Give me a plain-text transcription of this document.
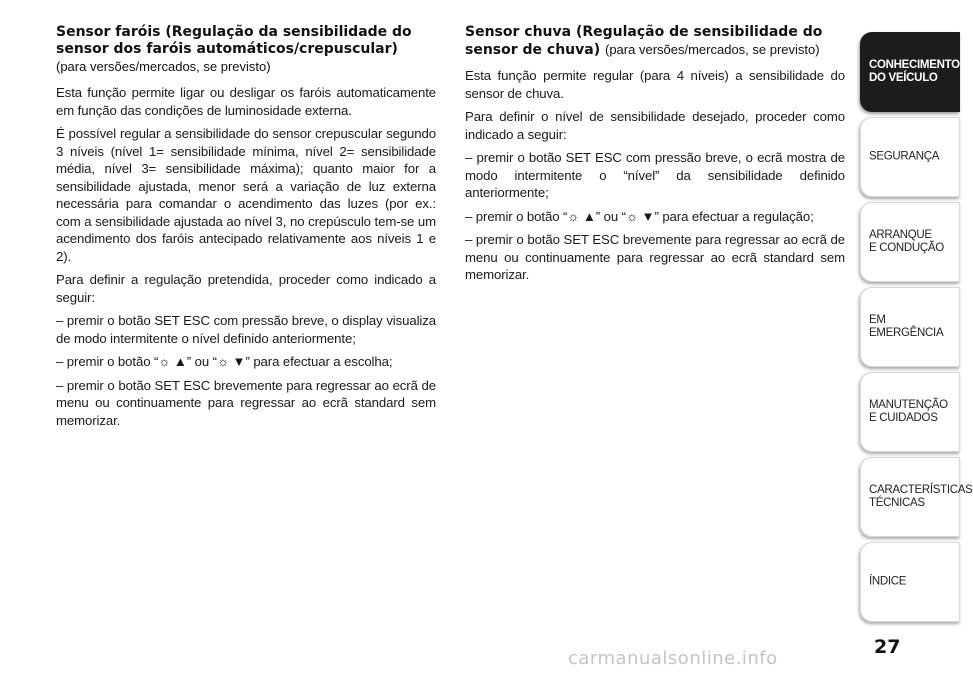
Sensor faróis (Regulação da sensibilidade do sensor dos faróis automáticos/crepuscular)
(para versões/mercados, se previsto)

Esta função permite ligar ou desligar os faróis automaticamente em função das condições de luminosidade externa.

É possível regular a sensibilidade do sensor crepuscular segundo 3 níveis (nível 1= sensibilidade mínima, nível 2= sensibilidade média, nível 3= sensibilidade máxima); quanto maior for a sensibilidade ajustada, menor será a variação de luz externa necessária para comandar o acendimento das luzes (por ex.: com a sensibilidade ajustada ao nível 3, no crepúsculo tem-se um acendimento dos faróis antecipado relativamente aos níveis 1 e 2).

Para definir a regulação pretendida, proceder como indicado a seguir:

– premir o botão SET ESC com pressão breve, o display visualiza de modo intermitente o nível definido anteriormente;

– premir o botão “☼ ▲” ou “☼ ▼” para efectuar a escolha;

– premir o botão SET ESC brevemente para regressar ao ecrã de menu ou continuamente para regressar ao ecrã standard sem memorizar.

Sensor chuva (Regulação de sensibilidade do sensor de chuva) (para versões/mercados, se previsto)

Esta função permite regular (para 4 níveis) a sensibilidade do sensor de chuva.

Para definir o nível de sensibilidade desejado, proceder como indicado a seguir:

– premir o botão SET ESC com pressão breve, o ecrã mostra de modo intermitente o “nível” da sensibilidade definido anteriormente;

– premir o botão “☼ ▲” ou “☼ ▼” para efectuar a regulação;

– premir o botão SET ESC brevemente para regressar ao ecrã de menu ou continuamente para regressar ao ecrã standard sem memorizar.

CONHECIMENTO
DO VEÍCULO
SEGURANÇA
ARRANQUE
E CONDUÇÃO
EM EMERGÊNCIA
MANUTENÇÃO
E CUIDADOS
CARACTERÍSTICAS
TÉCNICAS
ÍNDICE
27
carmanualsonline.info
